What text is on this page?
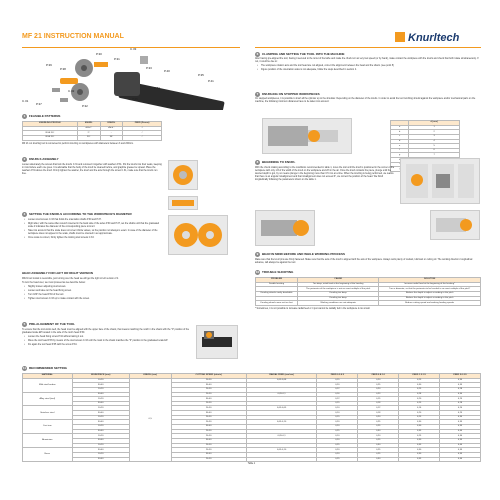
MF 21 INSTRUCTION MANUAL	Knurltech
C.33
P.31
P.30
C.31
P.37	P.32
P.33
P.40
P.35
P.41
P.34
P.39
P.38
C.32
P.36
1	FEASIBLE PATTERNS
KNURLING PROFILE	KNURL	KNURL	FEED (D=mm)
	d/d.d °	d/d.d °	f
RGE 30°	2°	–	/
RGE 30°	30°	30°	/

MF 21 cut knurling tool is conceived to perform knurling on workpieces with diameters between 3 and 200mm.

2	KNURLS ASSEMBLY

Loosen alternately the screws that lock the knurls C.31 and removed it together with washers P.31. Put the knurls into their seats, keeping in mind where each one goes. It is advisable that the body of the knurl be cleaned before, and graphite grease be spread. Place the washers P.31 above the knurl. Firmly tighten the washer, the knurl and the axle through the screw C.31, make sure that the knurls run free.

3	SETTING THE KNURLS ACCORDING TO THE WORKPIECE'S DIAMETER

• Loosen stud screws C.33 that holds the orientation shafts P.30 and P.37.

• Right after, with the same Allen wrench inserted in the back side of the axles P.30 and P.37, set the shafts until that the graduated scale Z indicates the diameter of the corresponding piece to knurl.

• Take into account that the scale does not cover infinite values, so the position not always is exact. In case of the diameter of the workpiece does not appear in the scale, shafts must be oriented in an approximate.

• Once scale is correct, firmly tighten the locking stud screws C.33.

HEAD ASSEMBLY FOR LEFT OR RIGHT VERSION

MF21 tool model is reversible, just turning over the head we will get the right or left version of it.

To turn the head over, we must proceed as we describe below:

• Slightly loosen adjusting stud screws.

• Loosen and take out the head fixing screw.

• Turn 180º the head P.30 of the tool.

• Tighten stud screws C.33 up to make contact with the screw.

5	PRE-ALIGNMENT OF THE TOOL

To ensure that the tool works well, the head must be aligned with the upper face of the shank, that means matching the notch in the shank with the "0" position of the graduated scale EP located in the side of the tool's head P.30.

• Loosen the head fixing screw P.34 without taking it out.

• Move the tool head P.35 by means of the stud screws C.33 until the mark in the shank matches the "0" position in the graduated scale EP.

• Fix again the tool head P.35 with the screw P.34.

6	CLAMPING AND SETTING THE TOOL INTO THE MACHINE

After having pre-aligned the tool, having it secured to the turret of the lathe and make the chuck turn at very low speed (or by hand), make contact the workpiece with the knurls and check that both rotate simultaneously. If not, it could be due to:

• The workpiece rotation axis and the tool head are not aligned, correct the alignment between the head and the shank. (see point 5)

• Figure position of the orientation axles is not adequate, follow the steps described in section 4.

7	KNURLING ON STOPPED WORKPIECES

On stepped workpieces, it is possible to knurl all the cylinder up to the shoulder. Depending on the diameter of the knurls. In order to avoid the tool rumbling should against the workpiece and/or mechanical parts on the machine, the following minimum distances have to be taken into account:

	d (mm)
a	1
b	2
c	3
d	4
e	5
f	6
g	7

8	BEGINNING TO KNURL

With the chuck rotating according to the conditions recommended in table 1, move the tool until the knurl is positioned in the corner of the workpiece with only 1/3 of the width of the knurl on the workpiece and 2/3 in the air. Once the knurl contacts the piece, plunge until the desired depth is got, by no means plunge in the beginning more than 0.5 mm at a time. When the knurling is being performed, we realize that there is an angular misalignment and that misalignment does not exceed 3º, we correct the position of the head. We finish longitudinally following the parameters shown on the table 1.

9	BEAR IN MIND BEFORE AND WHILE WORKING PROCESS

Make sure that the knurl pins are firmly fastened. Make sure that the axis of the knurl is aligned with the axis of the workpiece. Always work plenty of coolant, lubricant or cutting oil. The working direction: longitudinal advance, will always be against the tool.

10 TROUBLE SHOOTING
PROBLEM	CAUSE	SOLUTION
Double knurling	Too deep, initial feed at the beginning of the knurling	Increase radial feed at the beginning of the knurling*
	The perimeter of the workpiece is not an exact multiple of the pitch	Turn a diameter, so that the perimeter to be knurled is an exact multiple of the pitch*
Knurling wheels easily breakable	Knurling too deep	Reduce the depth to adjust according to the pitch
	Knurling too deep	Reduce the depth to adjust according to the pitch
Knurling wheels wear out too fast	Working conditions are not adequate	Reduce cutting speed and working feeding speeds

* Sometimes, it is not possible to increase radial feed or it just cannot be radially fed in the workpiece is too small.

11 RECOMMENDED SETTING
MATERIAL	WORKPIECE (mm)	KNURL (mm)	CUTTING SPEED (m/min)	RADIAL FEED (mm/rev)	FEED 0.3-0.5	FEED 0.8-1.0	FEED 1.2-1.5	FEED 2.0-2.5
Mild steel/carbon	10-20	0,5	20-30	0,05-0,08	0,15	0,20	0,25	0,30
	30-40		30-40		0,20	0,25	0,30	0,35
	10-20		20-30		0,12	0,20	0,25	0,28
Alloy steel (tool)	30-40		20-30	0,05-0,1	0,16	0,23	0,28	0,30
	10-20		30-40		0,12	0,15	0,20	0,25
	30-40		20-30		0,15	0,18	0,25	0,28
Stainless steel	10-20		20-30	0,03-0,05	0,10	0,12	0,16	0,20
	30-40		30-40		0,10	0,18	0,20	0,25
	10-20		20-30		0,15	0,20	0,25	0,30
Cast iron	30-40		20-30	0,05-0,10	0,20	0,25	0,30	0,35
	10-20		30-40		0,20	0,25	0,30	0,35
	30-40		20-30		0,25	0,30	0,35	0,40
Aluminium	10-20		20-30	0,05-0,1	0,10	0,20	0,25	0,30
	30-40		30-40		0,20	0,25	0,30	0,35
	10-20		20-30		0,25	0,30	0,35	0,40
Brass	30-40		20-30	0,05-0,10	0,20	0,25	0,30	0,35
	10-20		30-40		0,20	0,25	0,30	0,35
	30-40		20-30		0,25	0,30	0,35	0,40

Table 1
